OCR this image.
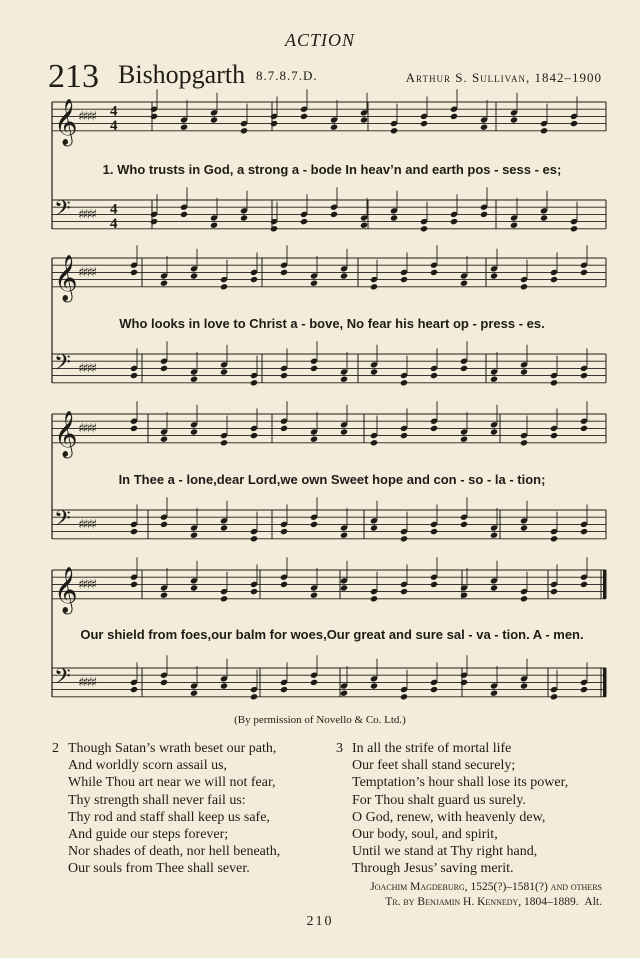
ACTION
213 Bishopgarth 8.7.8.7.D.	Arthur S. Sullivan, 1842–1900
𝄞 ♯♯♯♯
𝄢 ♯♯♯♯
𝄞 ♯♯♯♯
𝄢 ♯♯♯♯
𝄞 ♯♯♯♯
𝄢 ♯♯♯♯
𝄞 ♯♯♯♯
𝄢 ♯♯♯♯
4
4
4
4
1. Who trusts in God, a strong a - bode In heav’n and earth pos - sess - es;
Who looks in love to Christ a - bove, No fear his heart op - press - es.
In Thee a - lone,dear Lord,we own Sweet hope and con - so - la - tion;
Our shield from foes,our balm for woes,Our great and sure sal - va - tion. A - men.
(By permission of Novello & Co. Ltd.)
2 Though Satan’s wrath beset our path,
And worldly scorn assail us,
While Thou art near we will not fear,
Thy strength shall never fail us:
Thy rod and staff shall keep us safe,
And guide our steps forever;
Nor shades of death, nor hell beneath,
Our souls from Thee shall sever.
3 In all the strife of mortal life
Our feet shall stand securely;
Temptation’s hour shall lose its power,
For Thou shalt guard us surely.
O God, renew, with heavenly dew,
Our body, soul, and spirit,
Until we stand at Thy right hand,
Through Jesus’ saving merit.
Joachim Magdeburg, 1525(?)–1581(?) and others
Tr. by Benjamin H. Kennedy, 1804–1889. Alt.
210
